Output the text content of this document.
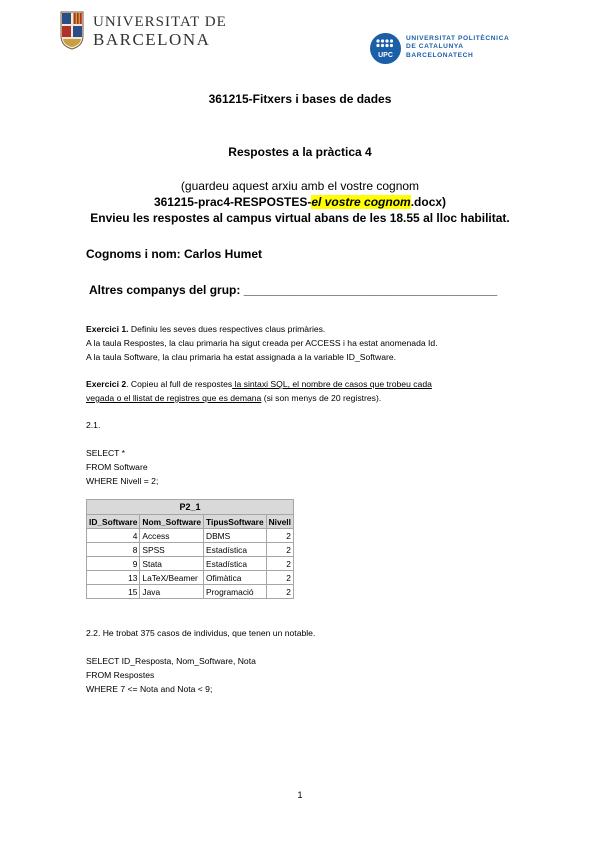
UNIVERSITAT DE
BARCELONA
UPC
UNIVERSITAT POLITÈCNICA
DE CATALUNYA
BARCELONATECH
361215-Fitxers i bases de dades
Respostes a la pràctica 4
(guardeu aquest arxiu amb el vostre cognom
361215-prac4-RESPOSTES-el vostre cognom.docx)
Envieu les respostes al campus virtual abans de les 18.55 al lloc habilitat.
Cognoms i nom: Carlos Humet
Altres companys del grup: ______________________________________
Exercici 1. Definiu les seves dues respectives claus primàries.
A la taula Respostes, la clau primaria ha sigut creada per ACCESS i ha estat anomenada Id.
A la taula Software, la clau primaria ha estat assignada a la variable ID_Software.
Exercici 2. Copieu al full de respostes la sintaxi SQL, el nombre de casos que trobeu cada
vegada o el llistat de registres que es demana (si son menys de 20 registres).
2.1.
SELECT *
FROM Software
WHERE Nivell = 2;
P2_1			
ID_Software	Nom_Software	TipusSoftware	Nivell
4	Access	DBMS	2
8	SPSS	Estadística	2
9	Stata	Estadística	2
13	LaTeX/Beamer	Ofimàtica	2
15	Java	Programació	2
2.2. He trobat 375 casos de individus, que tenen un notable.
SELECT ID_Resposta, Nom_Software, Nota
FROM Respostes
WHERE 7 <= Nota and Nota < 9;
1
